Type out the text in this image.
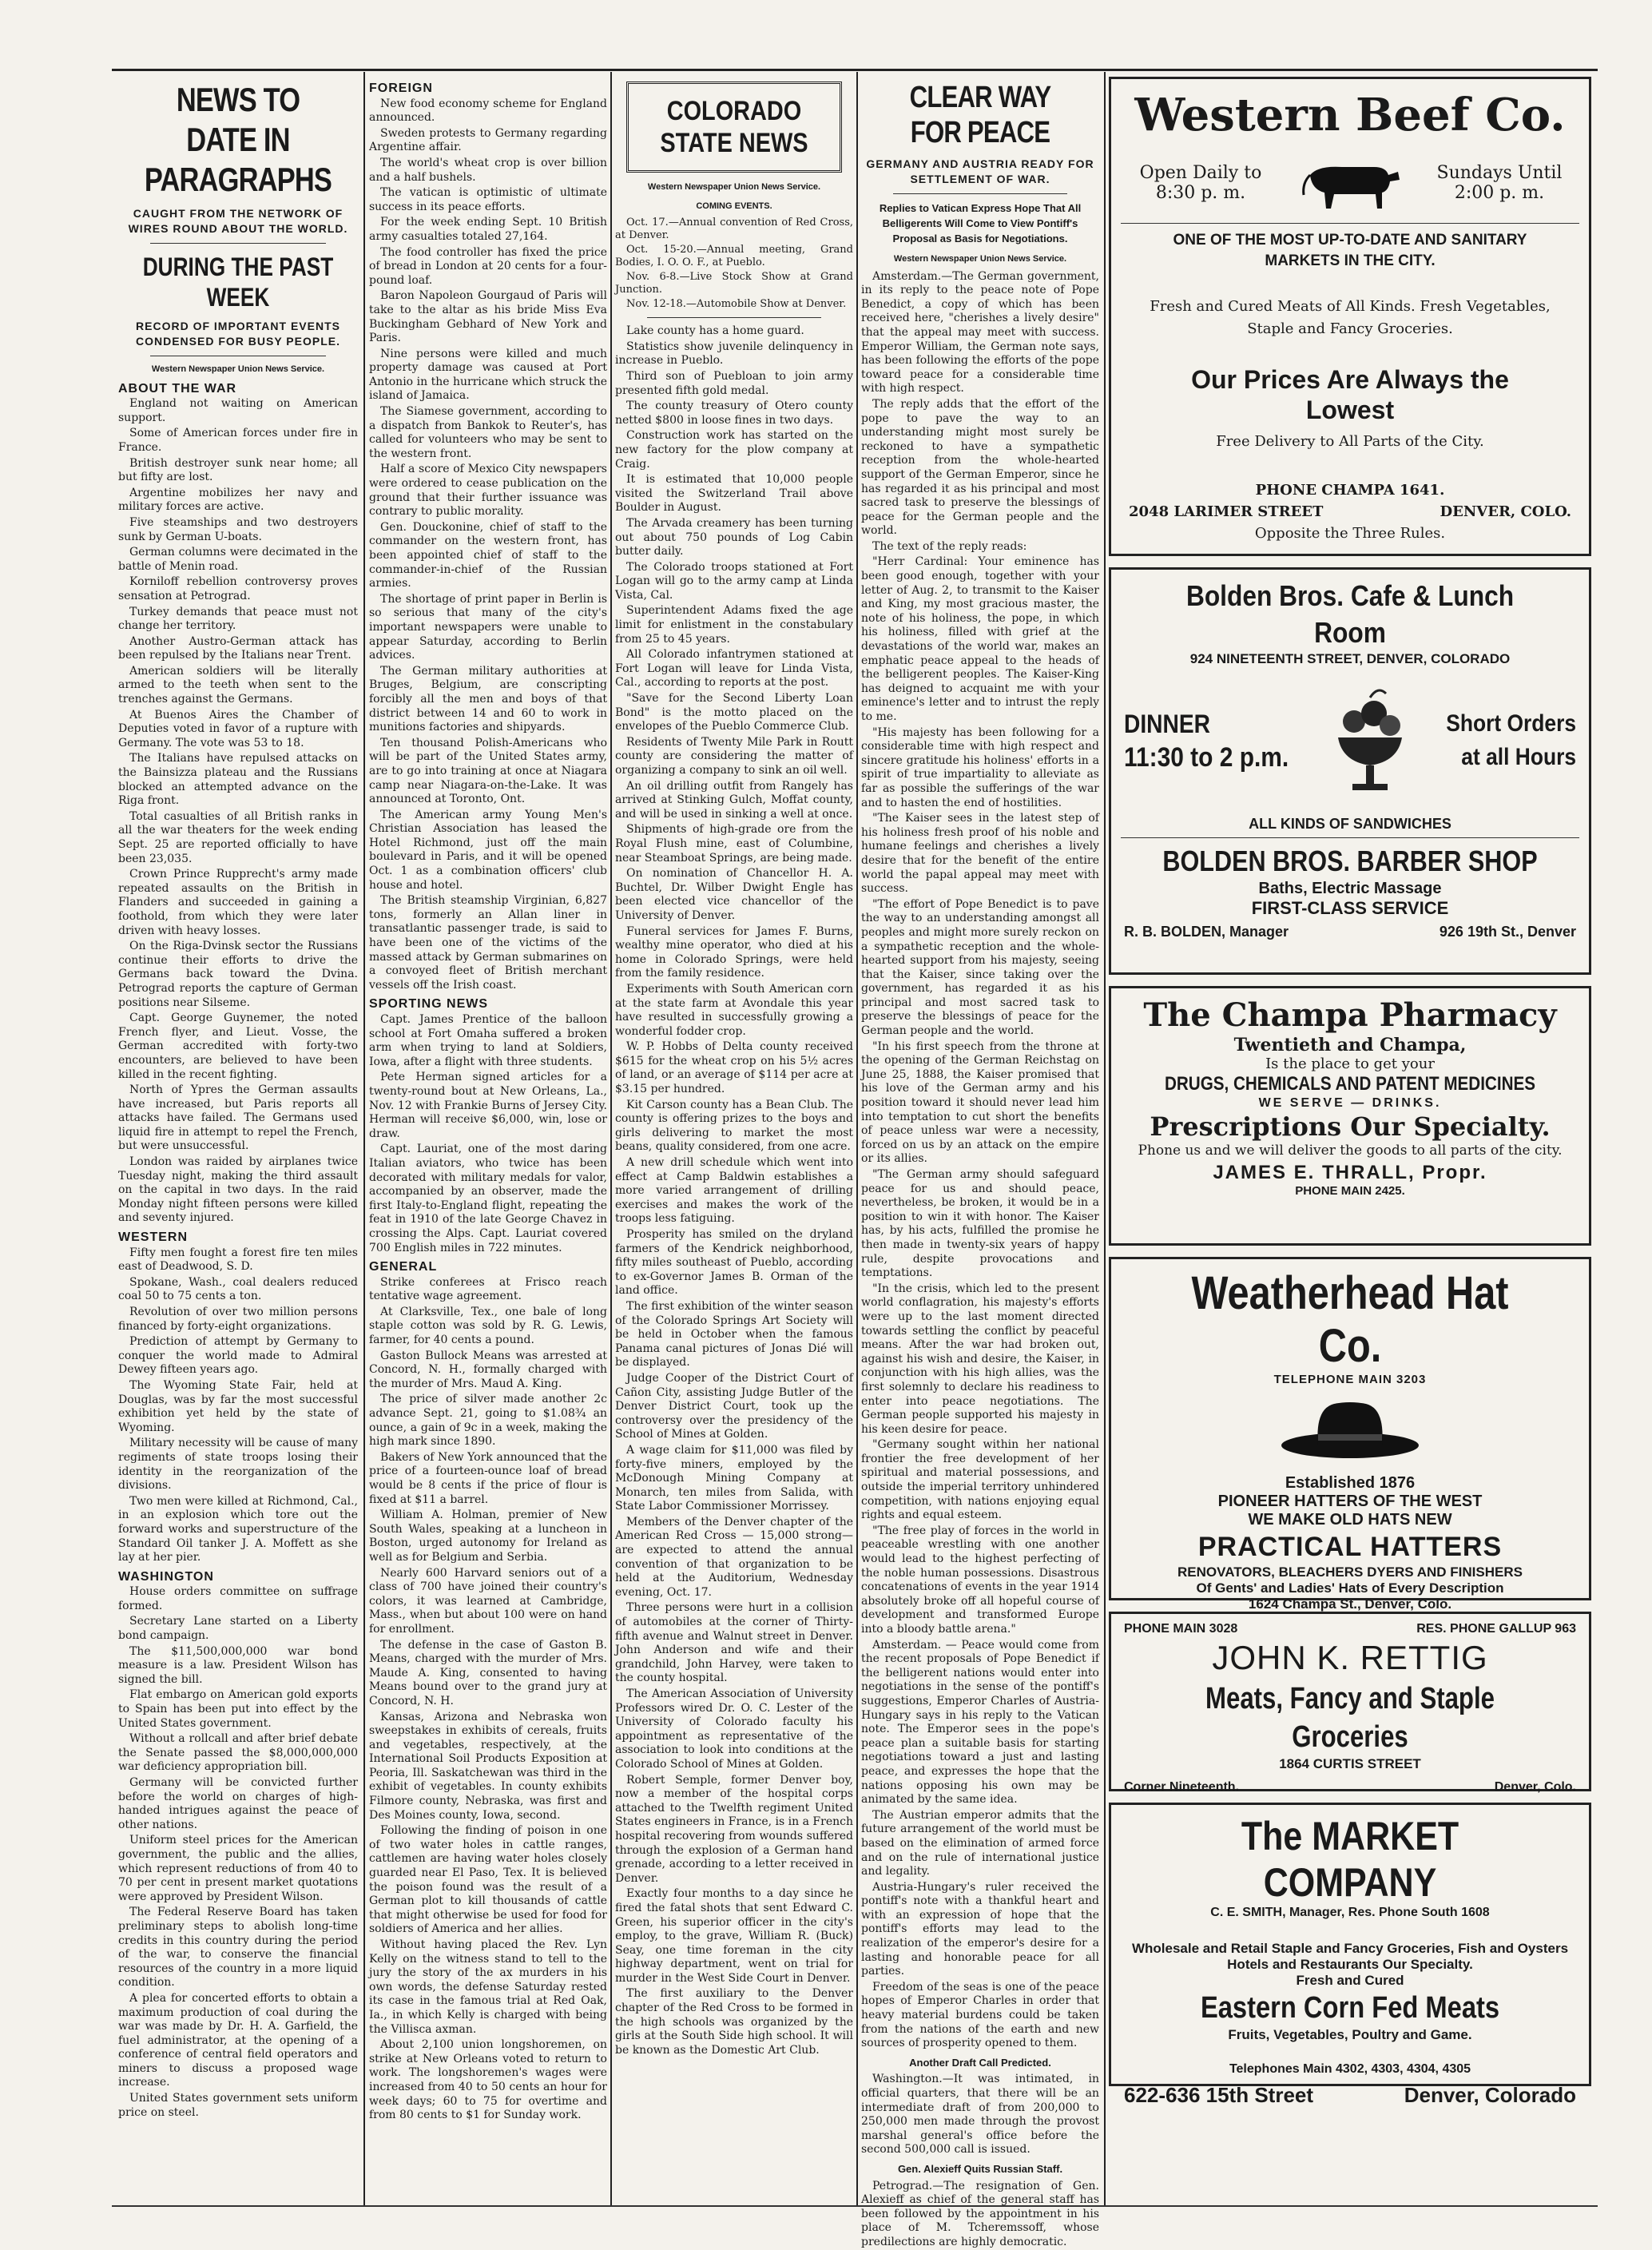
NEWS TO DATE IN PARAGRAPHS
CAUGHT FROM THE NETWORK OF WIRES ROUND ABOUT THE WORLD.
DURING THE PAST WEEK
RECORD OF IMPORTANT EVENTS CONDENSED FOR BUSY PEOPLE.
Western Newspaper Union News Service.
ABOUT THE WAR

England not waiting on American support.

Some of American forces under fire in France.

British destroyer sunk near home; all but fifty are lost.

Argentine mobilizes her navy and military forces are active.

Five steamships and two destroyers sunk by German U-boats.

German columns were decimated in the battle of Menin road.

Korniloff rebellion controversy proves sensation at Petrograd.

Turkey demands that peace must not change her territory.

Another Austro-German attack has been repulsed by the Italians near Trent.

American soldiers will be literally armed to the teeth when sent to the trenches against the Germans.

At Buenos Aires the Chamber of Deputies voted in favor of a rupture with Germany. The vote was 53 to 18.

The Italians have repulsed attacks on the Bainsizza plateau and the Russians blocked an attempted advance on the Riga front.

Total casualties of all British ranks in all the war theaters for the week ending Sept. 25 are reported officially to have been 23,035.

Crown Prince Rupprecht's army made repeated assaults on the British in Flanders and succeeded in gaining a foothold, from which they were later driven with heavy losses.

On the Riga-Dvinsk sector the Russians continue their efforts to drive the Germans back toward the Dvina. Petrograd reports the capture of German positions near Silseme.

Capt. George Guynemer, the noted French flyer, and Lieut. Vosse, the German accredited with forty-two encounters, are believed to have been killed in the recent fighting.

North of Ypres the German assaults have increased, but Paris reports all attacks have failed. The Germans used liquid fire in attempt to repel the French, but were unsuccessful.

London was raided by airplanes twice Tuesday night, making the third assault on the capital in two days. In the raid Monday night fifteen persons were killed and seventy injured.

WESTERN

Fifty men fought a forest fire ten miles east of Deadwood, S. D.

Spokane, Wash., coal dealers reduced coal 50 to 75 cents a ton.

Revolution of over two million persons financed by forty-eight organizations.

Prediction of attempt by Germany to conquer the world made to Admiral Dewey fifteen years ago.

The Wyoming State Fair, held at Douglas, was by far the most successful exhibition yet held by the state of Wyoming.

Military necessity will be cause of many regiments of state troops losing their identity in the reorganization of the divisions.

Two men were killed at Richmond, Cal., in an explosion which tore out the forward works and superstructure of the Standard Oil tanker J. A. Moffett as she lay at her pier.

WASHINGTON

House orders committee on suffrage formed.

Secretary Lane started on a Liberty bond campaign.

The $11,500,000,000 war bond measure is a law. President Wilson has signed the bill.

Flat embargo on American gold exports to Spain has been put into effect by the United States government.

Without a rollcall and after brief debate the Senate passed the $8,000,000,000 war deficiency appropriation bill.

Germany will be convicted further before the world on charges of high-handed intrigues against the peace of other nations.

Uniform steel prices for the American government, the public and the allies, which represent reductions of from 40 to 70 per cent in present market quotations were approved by President Wilson.

The Federal Reserve Board has taken preliminary steps to abolish long-time credits in this country during the period of the war, to conserve the financial resources of the country in a more liquid condition.

A plea for concerted efforts to obtain a maximum production of coal during the war was made by Dr. H. A. Garfield, the fuel administrator, at the opening of a conference of central field operators and miners to discuss a proposed wage increase.

United States government sets uniform price on steel.

FOREIGN

New food economy scheme for England announced.

Sweden protests to Germany regarding Argentine affair.

The world's wheat crop is over billion and a half bushels.

The vatican is optimistic of ultimate success in its peace efforts.

For the week ending Sept. 10 British army casualties totaled 27,164.

The food controller has fixed the price of bread in London at 20 cents for a four-pound loaf.

Baron Napoleon Gourgaud of Paris will take to the altar as his bride Miss Eva Buckingham Gebhard of New York and Paris.

Nine persons were killed and much property damage was caused at Port Antonio in the hurricane which struck the island of Jamaica.

The Siamese government, according to a dispatch from Bankok to Reuter's, has called for volunteers who may be sent to the western front.

Half a score of Mexico City newspapers were ordered to cease publication on the ground that their further issuance was contrary to public morality.

Gen. Douckonine, chief of staff to the commander on the western front, has been appointed chief of staff to the commander-in-chief of the Russian armies.

The shortage of print paper in Berlin is so serious that many of the city's important newspapers were unable to appear Saturday, according to Berlin advices.

The German military authorities at Bruges, Belgium, are conscripting forcibly all the men and boys of that district between 14 and 60 to work in munitions factories and shipyards.

Ten thousand Polish-Americans who will be part of the United States army, are to go into training at once at Niagara camp near Niagara-on-the-Lake. It was announced at Toronto, Ont.

The American army Young Men's Christian Association has leased the Hotel Richmond, just off the main boulevard in Paris, and it will be opened Oct. 1 as a combination officers' club house and hotel.

The British steamship Virginian, 6,827 tons, formerly an Allan liner in transatlantic passenger trade, is said to have been one of the victims of the massed attack by German submarines on a convoyed fleet of British merchant vessels off the Irish coast.

SPORTING NEWS

Capt. James Prentice of the balloon school at Fort Omaha suffered a broken arm when trying to land at Soldiers, Iowa, after a flight with three students.

Pete Herman signed articles for a twenty-round bout at New Orleans, La., Nov. 12 with Frankie Burns of Jersey City. Herman will receive $6,000, win, lose or draw.

Capt. Lauriat, one of the most daring Italian aviators, who twice has been decorated with military medals for valor, accompanied by an observer, made the first Italy-to-England flight, repeating the feat in 1910 of the late George Chavez in crossing the Alps. Capt. Lauriat covered 700 English miles in 722 minutes.

GENERAL

Strike conferees at Frisco reach tentative wage agreement.

At Clarksville, Tex., one bale of long staple cotton was sold by R. G. Lewis, farmer, for 40 cents a pound.

Gaston Bullock Means was arrested at Concord, N. H., formally charged with the murder of Mrs. Maud A. King.

The price of silver made another 2c advance Sept. 21, going to $1.08¾ an ounce, a gain of 9c in a week, making the high mark since 1890.

Bakers of New York announced that the price of a fourteen-ounce loaf of bread would be 8 cents if the price of flour is fixed at $11 a barrel.

William A. Holman, premier of New South Wales, speaking at a luncheon in Boston, urged autonomy for Ireland as well as for Belgium and Serbia.

Nearly 600 Harvard seniors out of a class of 700 have joined their country's colors, it was learned at Cambridge, Mass., when but about 100 were on hand for enrollment.

The defense in the case of Gaston B. Means, charged with the murder of Mrs. Maude A. King, consented to having Means bound over to the grand jury at Concord, N. H.

Kansas, Arizona and Nebraska won sweepstakes in exhibits of cereals, fruits and vegetables, respectively, at the International Soil Products Exposition at Peoria, Ill. Saskatchewan was third in the exhibit of vegetables. In county exhibits Filmore county, Nebraska, was first and Des Moines county, Iowa, second.

Following the finding of poison in one of two water holes in cattle ranges, cattlemen are having water holes closely guarded near El Paso, Tex. It is believed the poison found was the result of a German plot to kill thousands of cattle that might otherwise be used for food for soldiers of America and her allies.

Without having placed the Rev. Lyn Kelly on the witness stand to tell to the jury the story of the ax murders in his own words, the defense Saturday rested its case in the famous trial at Red Oak, Ia., in which Kelly is charged with being the Villisca axman.

About 2,100 union longshoremen, on strike at New Orleans voted to return to work. The longshoremen's wages were increased from 40 to 50 cents an hour for week days; 60 to 75 for overtime and from 80 cents to $1 for Sunday work.

COLORADO STATE NEWS
Western Newspaper Union News Service.
COMING EVENTS.

Oct. 17.—Annual convention of Red Cross, at Denver.

Oct. 15-20.—Annual meeting, Grand Bodies, I. O. O. F., at Pueblo.

Nov. 6-8.—Live Stock Show at Grand Junction.

Nov. 12-18.—Automobile Show at Denver.

Lake county has a home guard.

Statistics show juvenile delinquency in increase in Pueblo.

Third son of Puebloan to join army presented fifth gold medal.

The county treasury of Otero county netted $800 in loose fines in two days.

Construction work has started on the new factory for the plow company at Craig.

It is estimated that 10,000 people visited the Switzerland Trail above Boulder in August.

The Arvada creamery has been turning out about 750 pounds of Log Cabin butter daily.

The Colorado troops stationed at Fort Logan will go to the army camp at Linda Vista, Cal.

Superintendent Adams fixed the age limit for enlistment in the constabulary from 25 to 45 years.

All Colorado infantrymen stationed at Fort Logan will leave for Linda Vista, Cal., according to reports at the post.

"Save for the Second Liberty Loan Bond" is the motto placed on the envelopes of the Pueblo Commerce Club.

Residents of Twenty Mile Park in Routt county are considering the matter of organizing a company to sink an oil well.

An oil drilling outfit from Rangely has arrived at Stinking Gulch, Moffat county, and will be used in sinking a well at once.

Shipments of high-grade ore from the Royal Flush mine, east of Columbine, near Steamboat Springs, are being made.

On nomination of Chancellor H. A. Buchtel, Dr. Wilber Dwight Engle has been elected vice chancellor of the University of Denver.

Funeral services for James F. Burns, wealthy mine operator, who died at his home in Colorado Springs, were held from the family residence.

Experiments with South American corn at the state farm at Avondale this year have resulted in successfully growing a wonderful fodder crop.

W. P. Hobbs of Delta county received $615 for the wheat crop on his 5½ acres of land, or an average of $114 per acre at $3.15 per hundred.

Kit Carson county has a Bean Club. The county is offering prizes to the boys and girls delivering to market the most beans, quality considered, from one acre.

A new drill schedule which went into effect at Camp Baldwin establishes a more varied arrangement of drilling exercises and makes the work of the troops less fatiguing.

Prosperity has smiled on the dryland farmers of the Kendrick neighborhood, fifty miles southeast of Pueblo, according to ex-Governor James B. Orman of the land office.

The first exhibition of the winter season of the Colorado Springs Art Society will be held in October when the famous Panama canal pictures of Jonas Dié will be displayed.

Judge Cooper of the District Court of Cañon City, assisting Judge Butler of the Denver District Court, took up the controversy over the presidency of the School of Mines at Golden.

A wage claim for $11,000 was filed by forty-five miners, employed by the McDonough Mining Company at Monarch, ten miles from Salida, with State Labor Commissioner Morrissey.

Members of the Denver chapter of the American Red Cross — 15,000 strong—are expected to attend the annual convention of that organization to be held at the Auditorium, Wednesday evening, Oct. 17.

Three persons were hurt in a collision of automobiles at the corner of Thirty-fifth avenue and Walnut street in Denver. John Anderson and wife and their grandchild, John Harvey, were taken to the county hospital.

The American Association of University Professors wired Dr. O. C. Lester of the University of Colorado faculty his appointment as representative of the association to look into conditions at the Colorado School of Mines at Golden.

Robert Semple, former Denver boy, now a member of the hospital corps attached to the Twelfth regiment United States engineers in France, is in a French hospital recovering from wounds suffered through the explosion of a German hand grenade, according to a letter received in Denver.

Exactly four months to a day since he fired the fatal shots that sent Edward C. Green, his superior officer in the city's employ, to the grave, William R. (Buck) Seay, one time foreman in the city highway department, went on trial for murder in the West Side Court in Denver.

The first auxiliary to the Denver chapter of the Red Cross to be formed in the high schools was organized by the girls at the South Side high school. It will be known as the Domestic Art Club.

CLEAR WAY FOR PEACE
GERMANY AND AUSTRIA READY FOR SETTLEMENT OF WAR.
Replies to Vatican Express Hope That All Belligerents Will Come to View Pontiff's Proposal as Basis for Negotiations.
Western Newspaper Union News Service.

Amsterdam.—The German government, in its reply to the peace note of Pope Benedict, a copy of which has been received here, "cherishes a lively desire" that the appeal may meet with success. Emperor William, the German note says, has been following the efforts of the pope toward peace for a considerable time with high respect.

The reply adds that the effort of the pope to pave the way to an understanding might most surely be reckoned to have a sympathetic reception from the whole-hearted support of the German Emperor, since he has regarded it as his principal and most sacred task to preserve the blessings of peace for the German people and the world.

The text of the reply reads:

"Herr Cardinal: Your eminence has been good enough, together with your letter of Aug. 2, to transmit to the Kaiser and King, my most gracious master, the note of his holiness, the pope, in which his holiness, filled with grief at the devastations of the world war, makes an emphatic peace appeal to the heads of the belligerent peoples. The Kaiser-King has deigned to acquaint me with your eminence's letter and to intrust the reply to me.

"His majesty has been following for a considerable time with high respect and sincere gratitude his holiness' efforts in a spirit of true impartiality to alleviate as far as possible the sufferings of the war and to hasten the end of hostilities.

"The Kaiser sees in the latest step of his holiness fresh proof of his noble and humane feelings and cherishes a lively desire that for the benefit of the entire world the papal appeal may meet with success.

"The effort of Pope Benedict is to pave the way to an understanding amongst all peoples and might more surely reckon on a sympathetic reception and the whole-hearted support from his majesty, seeing that the Kaiser, since taking over the government, has regarded it as his principal and most sacred task to preserve the blessings of peace for the German people and the world.

"In his first speech from the throne at the opening of the German Reichstag on June 25, 1888, the Kaiser promised that his love of the German army and his position toward it should never lead him into temptation to cut short the benefits of peace unless war were a necessity, forced on us by an attack on the empire or its allies.

"The German army should safeguard peace for us and should peace, nevertheless, be broken, it would be in a position to win it with honor. The Kaiser has, by his acts, fulfilled the promise he then made in twenty-six years of happy rule, despite provocations and temptations.

"In the crisis, which led to the present world conflagration, his majesty's efforts were up to the last moment directed towards settling the conflict by peaceful means. After the war had broken out, against his wish and desire, the Kaiser, in conjunction with his high allies, was the first solemnly to declare his readiness to enter into peace negotiations. The German people supported his majesty in his keen desire for peace.

"Germany sought within her national frontier the free development of her spiritual and material possessions, and outside the imperial territory unhindered competition, with nations enjoying equal rights and equal esteem.

"The free play of forces in the world in peaceable wrestling with one another would lead to the highest perfecting of the noble human possessions. Disastrous concatenations of events in the year 1914 absolutely broke off all hopeful course of development and transformed Europe into a bloody battle arena."

Amsterdam. — Peace would come from the recent proposals of Pope Benedict if the belligerent nations would enter into negotiations in the sense of the pontiff's suggestions, Emperor Charles of Austria-Hungary says in his reply to the Vatican note. The Emperor sees in the pope's peace plan a suitable basis for starting negotiations toward a just and lasting peace, and expresses the hope that the nations opposing his own may be animated by the same idea.

The Austrian emperor admits that the future arrangement of the world must be based on the elimination of armed force and on the rule of international justice and legality.

Austria-Hungary's ruler received the pontiff's note with a thankful heart and with an expression of hope that the pontiff's efforts may lead to the realization of the emperor's desire for a lasting and honorable peace for all parties.

Freedom of the seas is one of the peace hopes of Emperor Charles in order that heavy material burdens could be taken from the nations of the earth and new sources of prosperity opened to them.

Another Draft Call Predicted.

Washington.—It was intimated, in official quarters, that there will be an intermediate draft of from 200,000 to 250,000 men made through the provost marshal general's office before the second 500,000 call is issued.

Gen. Alexieff Quits Russian Staff.

Petrograd.—The resignation of Gen. Alexieff as chief of the general staff has been followed by the appointment in his place of M. Tcheremssoff, whose predilections are highly democratic.

Western Beef Co.
Open Daily to 8:30 p. m.
Sundays Until 2:00 p. m.
ONE OF THE MOST UP-TO-DATE AND SANITARY MARKETS IN THE CITY.
Fresh and Cured Meats of All Kinds. Fresh Vegetables, Staple and Fancy Groceries.
Our Prices Are Always the Lowest
Free Delivery to All Parts of the City.
PHONE CHAMPA 1641.
2048 LARIMER STREET	DENVER, COLO.
Opposite the Three Rules.
Bolden Bros. Cafe & Lunch Room
924 NINETEENTH STREET, DENVER, COLORADO
DINNER
11:30 to 2 p.m.
Short Orders
at all Hours
ALL KINDS OF SANDWICHES
BOLDEN BROS. BARBER SHOP
Baths, Electric Massage
FIRST-CLASS SERVICE
R. B. BOLDEN, Manager	926 19th St., Denver
The Champa Pharmacy
Twentieth and Champa,
Is the place to get your
DRUGS, CHEMICALS AND PATENT MEDICINES
WE SERVE — DRINKS.
Prescriptions Our Specialty.
Phone us and we will deliver the goods to all parts of the city.
JAMES E. THRALL, Propr.
PHONE MAIN 2425.
Weatherhead Hat Co.
TELEPHONE MAIN 3203
Established 1876
PIONEER HATTERS OF THE WEST
WE MAKE OLD HATS NEW
PRACTICAL HATTERS
RENOVATORS, BLEACHERS DYERS AND FINISHERS
Of Gents' and Ladies' Hats of Every Description
1624 Champa St., Denver, Colo.
PHONE MAIN 3028	RES. PHONE GALLUP 963
JOHN K. RETTIG
Meats, Fancy and Staple Groceries
1864 CURTIS STREET
Corner Nineteenth.	Denver, Colo.
The MARKET COMPANY
C. E. SMITH, Manager, Res. Phone South 1608
Wholesale and Retail Staple and Fancy Groceries, Fish and Oysters
Hotels and Restaurants Our Specialty.
Fresh and Cured
Eastern Corn Fed Meats
Fruits, Vegetables, Poultry and Game.
Telephones Main 4302, 4303, 4304, 4305
622-636 15th Street	Denver, Colorado
